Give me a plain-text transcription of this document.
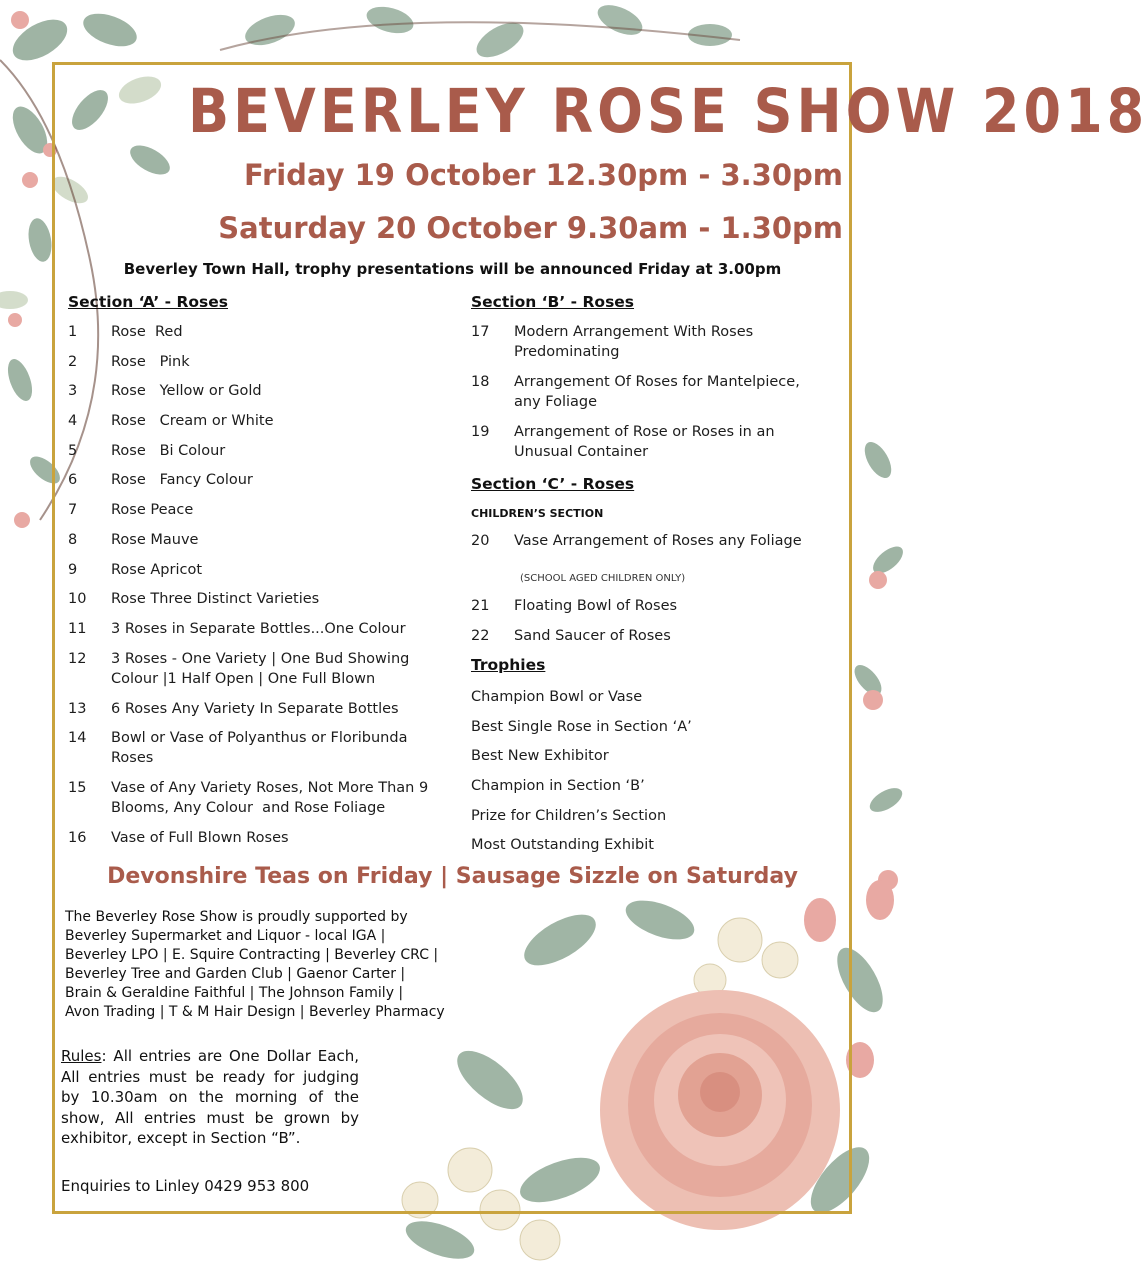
BEVERLEY ROSE SHOW 2018
Friday 19 October 12.30pm - 3.30pm
Saturday 20 October 9.30am - 1.30pm
Beverley Town Hall, trophy presentations will be announced Friday at 3.00pm
Section ‘A’ - Roses
1	Rose  Red
2	Rose   Pink
3	Rose   Yellow or Gold
4	Rose   Cream or White
5	Rose   Bi Colour
6	Rose   Fancy Colour
7	Rose Peace
8	Rose Mauve
9	Rose Apricot
10	Rose Three Distinct Varieties
11	3 Roses in Separate Bottles...One Colour
12	3 Roses - One Variety | One Bud Showing Colour |1 Half Open | One Full Blown
13	6 Roses Any Variety In Separate Bottles
14	Bowl or Vase of Polyanthus or Floribunda Roses
15	Vase of Any Variety Roses, Not More Than 9 Blooms, Any Colour  and Rose Foliage
16	Vase of Full Blown Roses
Section ‘B’ - Roses
17	Modern Arrangement With Roses Predominating
18	Arrangement Of Roses for Mantelpiece, any Foliage
19	Arrangement of Rose or Roses in an Unusual Container
Section ‘C’ - Roses
CHILDREN’S SECTION
20	Vase Arrangement of Roses any Foliage
(SCHOOL AGED CHILDREN ONLY)
21	Floating Bowl of Roses
22	Sand Saucer of Roses
Trophies
Champion Bowl or Vase
Best Single Rose in Section ‘A’
Best New Exhibitor
Champion in Section ‘B’
Prize for Children’s Section
Most Outstanding Exhibit
Devonshire Teas on Friday | Sausage Sizzle on Saturday
The Beverley Rose Show is proudly supported by
Beverley Supermarket and Liquor - local IGA |
Beverley LPO | E. Squire Contracting | Beverley CRC |
Beverley Tree and Garden Club | Gaenor Carter |
Brain & Geraldine Faithful | The Johnson Family |
Avon Trading | T & M Hair Design | Beverley Pharmacy
Rules: All entries are One Dollar Each, All entries must be ready for judging by 10.30am on the morning of the show, All entries must be grown by exhibitor, except in Section “B”.
Enquiries to Linley 0429 953 800
